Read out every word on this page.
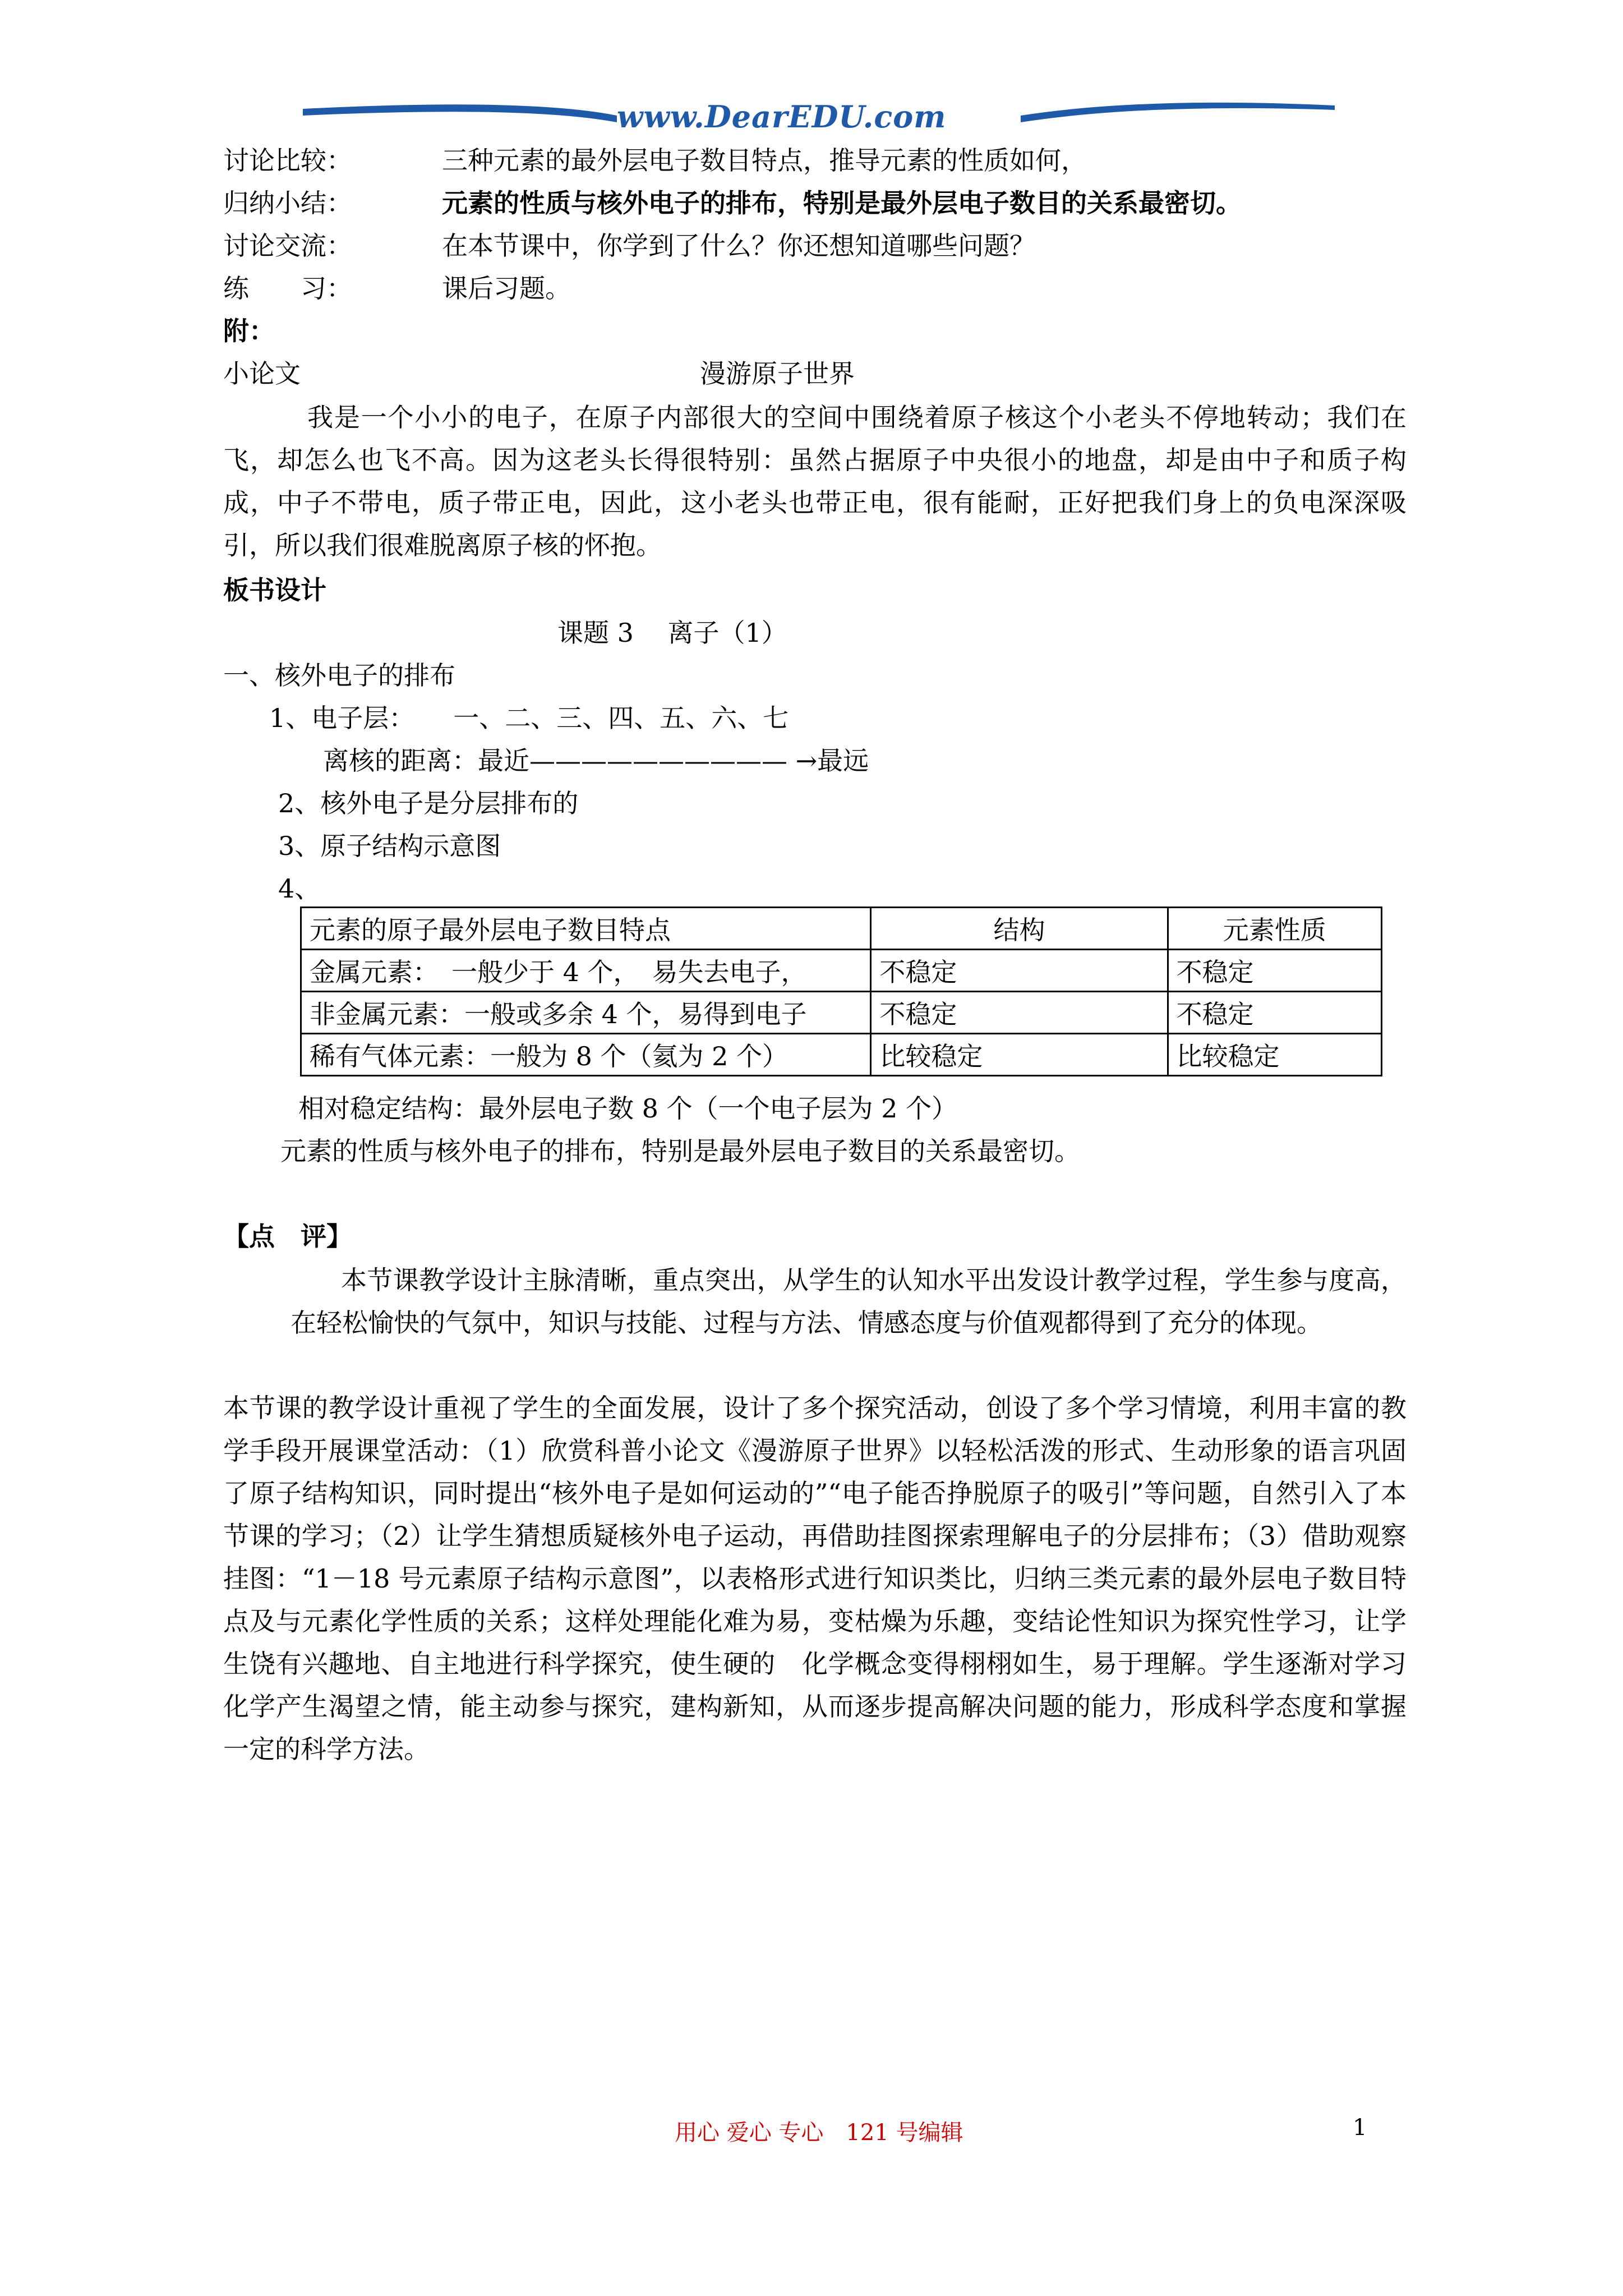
www.DearEDU.com
讨论比较：	三种元素的最外层电子数目特点，推导元素的性质如何，
归纳小结：	元素的性质与核外电子的排布，特别是最外层电子数目的关系最密切。
讨论交流：	在本节课中，你学到了什么？你还想知道哪些问题？
练　　习：	课后习题。
附：
小论文	漫游原子世界
我是一个小小的电子，在原子内部很大的空间中围绕着原子核这个小老头不停地转动；我们在飞，却怎么也飞不高。因为这老头长得很特别：虽然占据原子中央很小的地盘，却是由中子和质子构成，中子不带电，质子带正电，因此，这小老头也带正电，很有能耐，正好把我们身上的负电深深吸引，所以我们很难脱离原子核的怀抱。
板书设计
课题 3　 离子（1）
一、核外电子的排布
1、电子层：　　一、二、三、四、五、六、七
离核的距离：最近—————————— →最远
2、核外电子是分层排布的
3、原子结构示意图
4、
元素的原子最外层电子数目特点	结构	元素性质
金属元素：　一般少于 4 个，　易失去电子，	不稳定	不稳定
非金属元素：一般或多余 4 个，易得到电子	不稳定	不稳定
稀有气体元素：一般为 8 个（氦为 2 个）	比较稳定	比较稳定
相对稳定结构：最外层电子数 8 个（一个电子层为 2 个）
元素的性质与核外电子的排布，特别是最外层电子数目的关系最密切。
【点　评】
本节课教学设计主脉清晰，重点突出，从学生的认知水平出发设计教学过程，学生参与度高，在轻松愉快的气氛中，知识与技能、过程与方法、情感态度与价值观都得到了充分的体现。
本节课的教学设计重视了学生的全面发展，设计了多个探究活动，创设了多个学习情境，利用丰富的教学手段开展课堂活动：（1）欣赏科普小论文《漫游原子世界》以轻松活泼的形式、生动形象的语言巩固了原子结构知识，同时提出“核外电子是如何运动的”“电子能否挣脱原子的吸引”等问题，自然引入了本节课的学习；（2）让学生猜想质疑核外电子运动，再借助挂图探索理解电子的分层排布；（3）借助观察挂图：“1－18 号元素原子结构示意图”，以表格形式进行知识类比，归纳三类元素的最外层电子数目特点及与元素化学性质的关系；这样处理能化难为易，变枯燥为乐趣，变结论性知识为探究性学习，让学生饶有兴趣地、自主地进行科学探究，使生硬的　化学概念变得栩栩如生，易于理解。学生逐渐对学习化学产生渴望之情，能主动参与探究，建构新知，从而逐步提高解决问题的能力，形成科学态度和掌握一定的科学方法。
用心 爱心 专心　121 号编辑	1
